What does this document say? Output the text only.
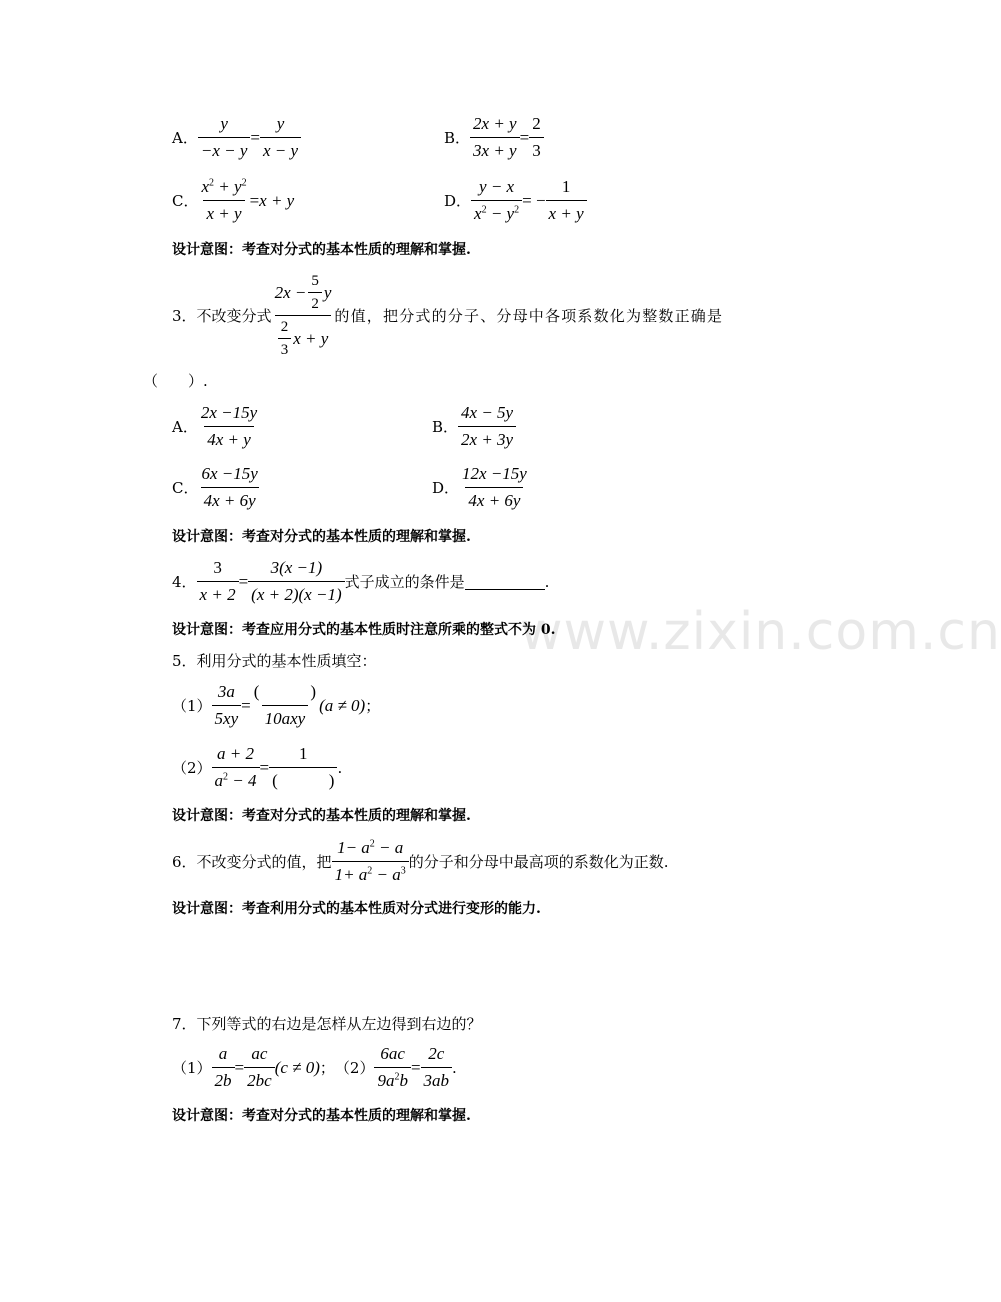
www.zixin.com.cn
A． $\frac{y}{-x - y} = \frac{y}{x - y}$	B． $\frac{2x + y}{3x + y} = \frac{2}{3}$
C． $\frac{x^2 + y^2}{x + y} = x + y$	D． $\frac{y - x}{x^2 - y^2}$ = − $\frac{1}{x + y}$
设计意图：考查对分式的基本性质的理解和掌握.
3． 不改变分式 $\frac{2x - \frac{5}{2} y}{\frac{2}{3} x + y}$ 的值，把分式的分子、分母中各项系数化为整数正确是
（　　）.
A． $\frac{2x -15y}{4x + y}$	B． $\frac{4x - 5y}{2x + 3y}$
C． $\frac{6x -15y}{4x + 6y}$	D． $\frac{12x -15y}{4x + 6y}$
设计意图：考查对分式的基本性质的理解和掌握.
4． $\frac{3}{x + 2} = \frac{3(x -1)}{(x + 2)(x -1)}$ 式子成立的条件是	.
设计意图：考查应用分式的基本性质时注意所乘的整式不为 0.
5．利用分式的基本性质填空：
$(1) \frac{3a}{5xy} = \frac{( )}{\text{10axy}} (a \ne 0)$ ；
$(2) \frac{a + 2}{a^2 - 4} = \frac{1}{( )}$ .
设计意图：考查对分式的基本性质的理解和掌握.
6． 不改变分式的值，把 $\frac{1- a^2 - a}{1+ a^2 - a^3}$ 的分子和分母中最高项的系数化为正数.
设计意图：考查利用分式的基本性质对分式进行变形的能力.
7．下列等式的右边是怎样从左边得到右边的？
$(1) \frac{a}{2b} = \frac{ac}{2bc} (c \ne 0)$ ； $(2) \frac{6ac}{9a^2b} = \frac{2c}{3ab}$ .
设计意图：考查对分式的基本性质的理解和掌握.
